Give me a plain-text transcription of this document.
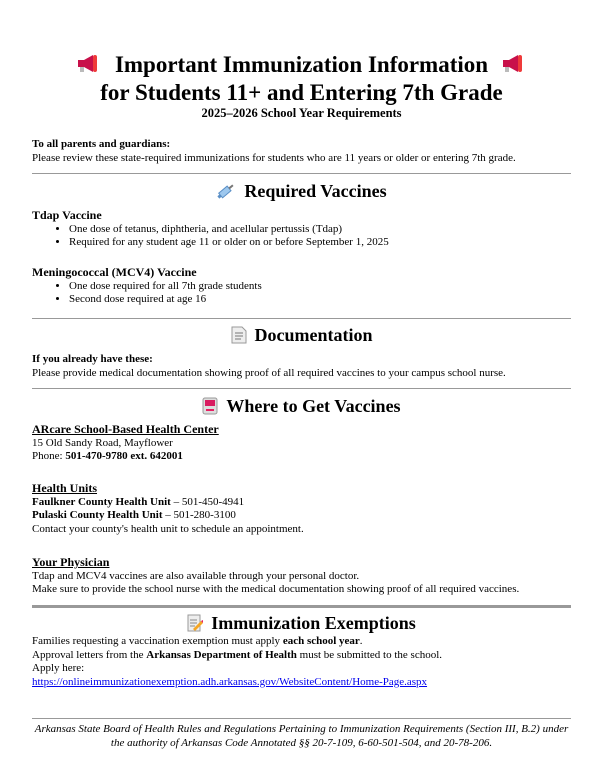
Important Immunization Information
for Students 11+ and Entering 7th Grade
2025–2026 School Year Requirements
To all parents and guardians:
Please review these state-required immunizations for students who are 11 years or older or entering 7th grade.
Required Vaccines
Tdap Vaccine
• One dose of tetanus, diphtheria, and acellular pertussis (Tdap)
• Required for any student age 11 or older on or before September 1, 2025
Meningococcal (MCV4) Vaccine
• One dose required for all 7th grade students
• Second dose required at age 16
Documentation
If you already have these:
Please provide medical documentation showing proof of all required vaccines to your campus school nurse.
Where to Get Vaccines
ARcare School-Based Health Center
15 Old Sandy Road, Mayflower
Phone: 501-470-9780 ext. 642001
Health Units
Faulkner County Health Unit – 501-450-4941
Pulaski County Health Unit – 501-280-3100
Contact your county's health unit to schedule an appointment.
Your Physician
Tdap and MCV4 vaccines are also available through your personal doctor.
Make sure to provide the school nurse with the medical documentation showing proof of all required vaccines.
Immunization Exemptions
Families requesting a vaccination exemption must apply each school year.
Approval letters from the Arkansas Department of Health must be submitted to the school.
Apply here:
https://onlineimmunizationexemption.adh.arkansas.gov/WebsiteContent/Home-Page.aspx
Arkansas State Board of Health Rules and Regulations Pertaining to Immunization Requirements (Section III, B.2) under the authority of Arkansas Code Annotated §§ 20-7-109, 6-60-501-504, and 20-78-206.
